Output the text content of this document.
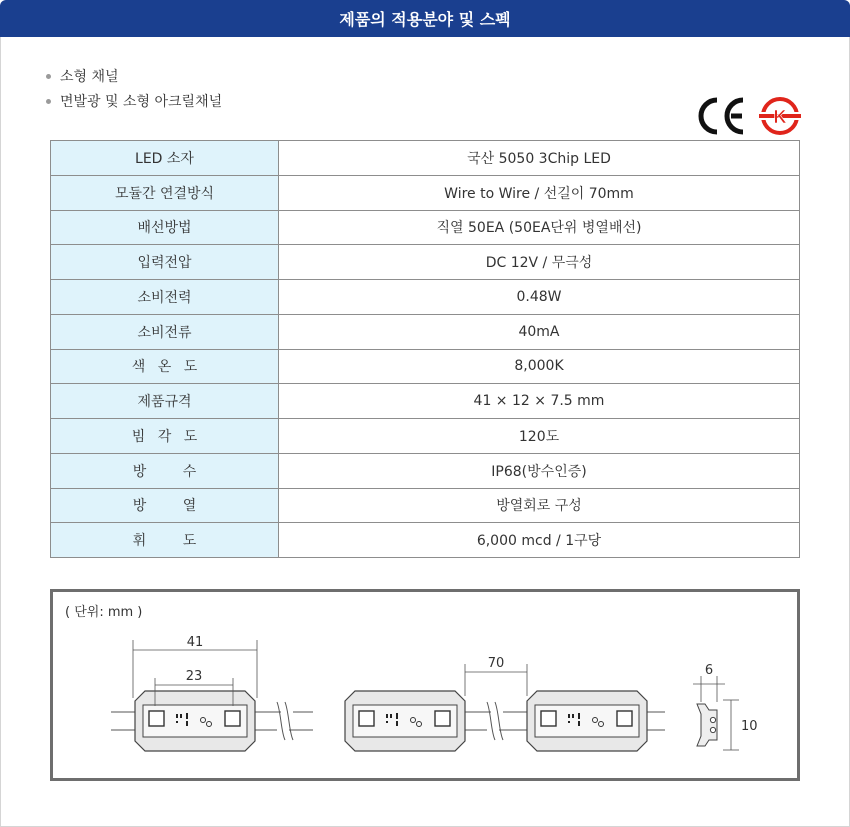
제품의 적용분야 및 스펙
소형 채널
면발광 및 소형 아크릴채널
K
LED 소자	국산 5050 3Chip LED
모듈간 연결방식	Wire to Wire / 선길이 70mm
배선방법	직열 50EA (50EA단위 병열배선)
입력전압	DC 12V / 무극성
소비전력	0.48W
소비전류	40mA
색 온 도	8,000K
제품규격	41 × 12 × 7.5 mm
빔 각 도	120도
방 수	IP68(방수인증)
방 열	방열회로 구성
휘 도	6,000 mcd / 1구당
( 단위: mm )
41
23
70	6
10
